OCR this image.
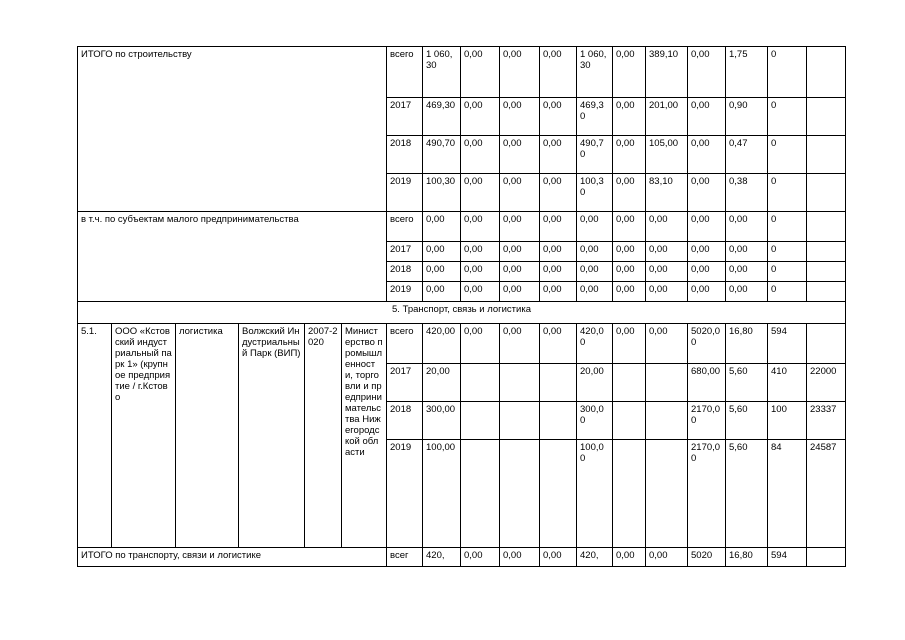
ИТОГО по строительству						всего	1 060,30	0,00	0,00	0,00	1 060,30	0,00	389,10	0,00	1,75	0	
						2017	469,30	0,00	0,00	0,00	469,30	0,00	201,00	0,00	0,90	0	
						2018	490,70	0,00	0,00	0,00	490,70	0,00	105,00	0,00	0,47	0	
						2019	100,30	0,00	0,00	0,00	100,30	0,00	83,10	0,00	0,38	0	
в т.ч. по субъектам малого предпринимательства						всего	0,00	0,00	0,00	0,00	0,00	0,00	0,00	0,00	0,00	0	
						2017	0,00	0,00	0,00	0,00	0,00	0,00	0,00	0,00	0,00	0	
						2018	0,00	0,00	0,00	0,00	0,00	0,00	0,00	0,00	0,00	0	
						2019	0,00	0,00	0,00	0,00	0,00	0,00	0,00	0,00	0,00	0	
5. Транспорт, связь и логистика																	
5.1.	ООО «Кстовский индустриальный парк 1» (крупное предприятие / г.Кстово	логистика	Волжский Индустриальный Парк (ВИП)	2007-2020	Министерство промышленности, торговли и предпринимательства Нижегородской области	всего	420,00	0,00	0,00	0,00	420,00	0,00	0,00	5020,00	16,80	594	
						2017	20,00				20,00			680,00	5,60	410	22000
						2018	300,00				300,00			2170,00	5,60	100	23337
						2019	100,00				100,00			2170,00	5,60	84	24587
ИТОГО по транспорту, связи и логистике						всег	420,	0,00	0,00	0,00	420,	0,00	0,00	5020	16,80	594	
